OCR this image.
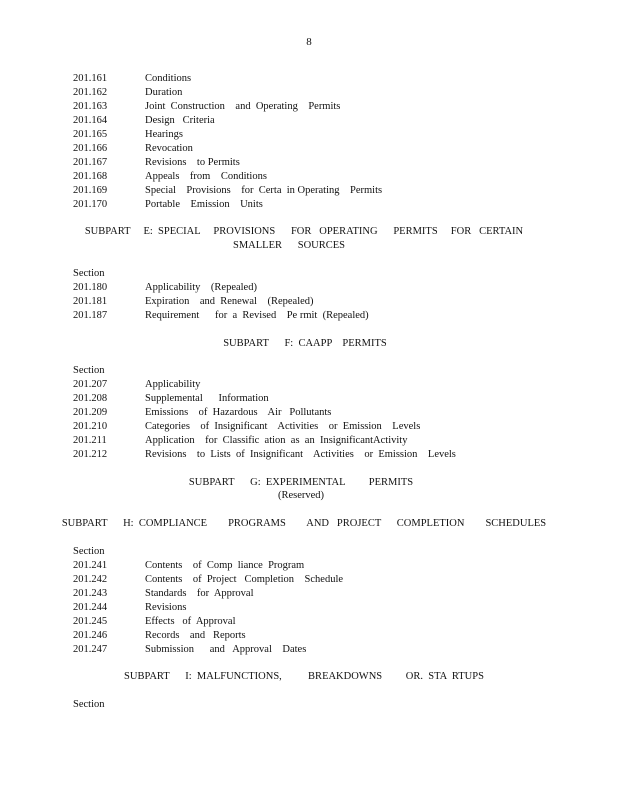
8
201.161	Conditions
201.162	Duration
201.163	Joint  Construction    and  Operating    Permits
201.164	Design   Criteria
201.165	Hearings
201.166	Revocation
201.167	Revisions    to Permits
201.168	Appeals    from    Conditions
201.169	Special    Provisions    for  Certa  in Operating    Permits
201.170	Portable    Emission    Units
SUBPART     E:  SPECIAL     PROVISIONS      FOR   OPERATING      PERMITS     FOR   CERTAIN
SMALLER      SOURCES
Section
201.180	Applicability    (Repealed)
201.181	Expiration    and  Renewal    (Repealed)
201.187	Requirement      for  a  Revised    Pe rmit  (Repealed)
SUBPART      F:  CAAPP    PERMITS
Section
201.207	Applicability
201.208	Supplemental      Information
201.209	Emissions    of  Hazardous    Air   Pollutants
201.210	Categories    of  Insignificant    Activities    or  Emission    Levels
201.211	Application    for  Classific  ation  as  an  InsignificantActivity
201.212	Revisions    to  Lists  of  Insignificant    Activities    or  Emission    Levels
SUBPART      G:  EXPERIMENTAL         PERMITS
(Reserved)
SUBPART      H:  COMPLIANCE        PROGRAMS        AND   PROJECT      COMPLETION        SCHEDULES
Section
201.241	Contents    of  Comp  liance  Program
201.242	Contents    of  Project   Completion    Schedule
201.243	Standards    for  Approval
201.244	Revisions
201.245	Effects   of  Approval
201.246	Records    and   Reports
201.247	Submission      and   Approval    Dates
SUBPART      I:  MALFUNCTIONS,          BREAKDOWNS         OR.  STA  RTUPS
Section
